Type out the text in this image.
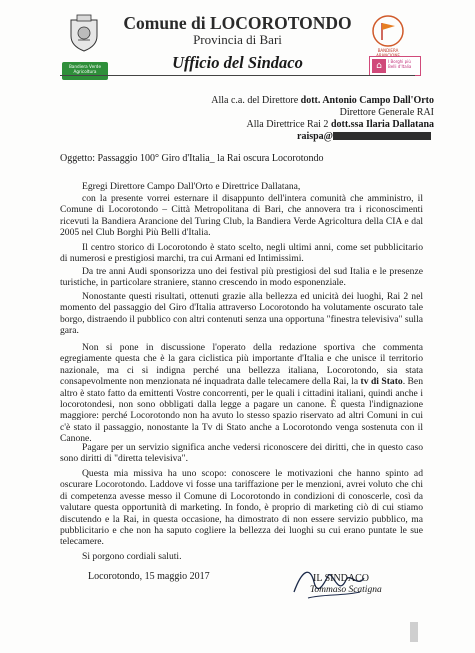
Bandiera Verde Agricoltura
BANDIERA
⌂	I Borghi più Belli d'Italia
Comune di LOCOROTONDO
Provincia di Bari
Ufficio del Sindaco
Alla c.a. del Direttore dott. Antonio Campo Dall'Orto
Direttore Generale RAI
Alla Direttrice Rai 2 dott.ssa Ilaria Dallatana
raispa@
Oggetto: Passaggio 100° Giro d'Italia_ la Rai oscura Locorotondo
Egregi Direttore Campo Dall'Orto e Direttrice Dallatana,
con la presente vorrei esternare il disappunto dell'intera comunità che amministro, il Comune di Locorotondo – Città Metropolitana di Bari, che annovera tra i riconoscimenti ricevuti la Bandiera Arancione del Turing Club, la Bandiera Verde Agricoltura della CIA e dal 2005 nel Club Borghi Più Belli d'Italia.
Il centro storico di Locorotondo è stato scelto, negli ultimi anni, come set pubblicitario di numerosi e prestigiosi marchi, tra cui Armani ed Intimissimi.
Da tre anni Audi sponsorizza uno dei festival più prestigiosi del sud Italia e le presenze turistiche, in particolare straniere, stanno crescendo in modo esponenziale.
Nonostante questi risultati, ottenuti grazie alla bellezza ed unicità dei luoghi, Rai 2 nel momento del passaggio del Giro d'Italia attraverso Locorotondo ha volutamente oscurato tale borgo, distraendo il pubblico con altri contenuti senza una opportuna "finestra televisiva" sulla gara.
Non si pone in discussione l'operato della redazione sportiva che commenta egregiamente questa che è la gara ciclistica più importante d'Italia e che unisce il territorio nazionale, ma ci si indigna perché una bellezza italiana, Locorotondo, sia stata consapevolmente non menzionata né inquadrata dalle telecamere della Rai, la tv di Stato. Ben altro è stato fatto da emittenti Vostre concorrenti, per le quali i cittadini italiani, quindi anche i locorotondesi, non sono obbligati dalla legge a pagare un canone. È questa l'indignazione maggiore: perché Locorotondo non ha avuto lo stesso spazio riservato ad altri Comuni in cui c'è stato il passaggio, nonostante la Tv di Stato anche a Locorotondo venga sostenuta con il Canone.
Pagare per un servizio significa anche vedersi riconoscere dei diritti, che in questo caso sono diritti di "diretta televisiva".
Questa mia missiva ha uno scopo: conoscere le motivazioni che hanno spinto ad oscurare Locorotondo. Laddove vi fosse una tariffazione per le menzioni, avrei voluto che chi di competenza avesse messo il Comune di Locorotondo in condizioni di conoscerle, così da valutare questa opportunità di marketing. In fondo, è proprio di marketing ciò di cui stiamo discutendo e la Rai, in questa occasione, ha dimostrato di non essere servizio pubblico, ma pubblicitario e che non ha saputo cogliere la bellezza dei luoghi su cui erano puntate le sue telecamere.
Si porgono cordiali saluti.
Locorotondo, 15 maggio 2017	IL SINDACO
Tommaso Scatigna
